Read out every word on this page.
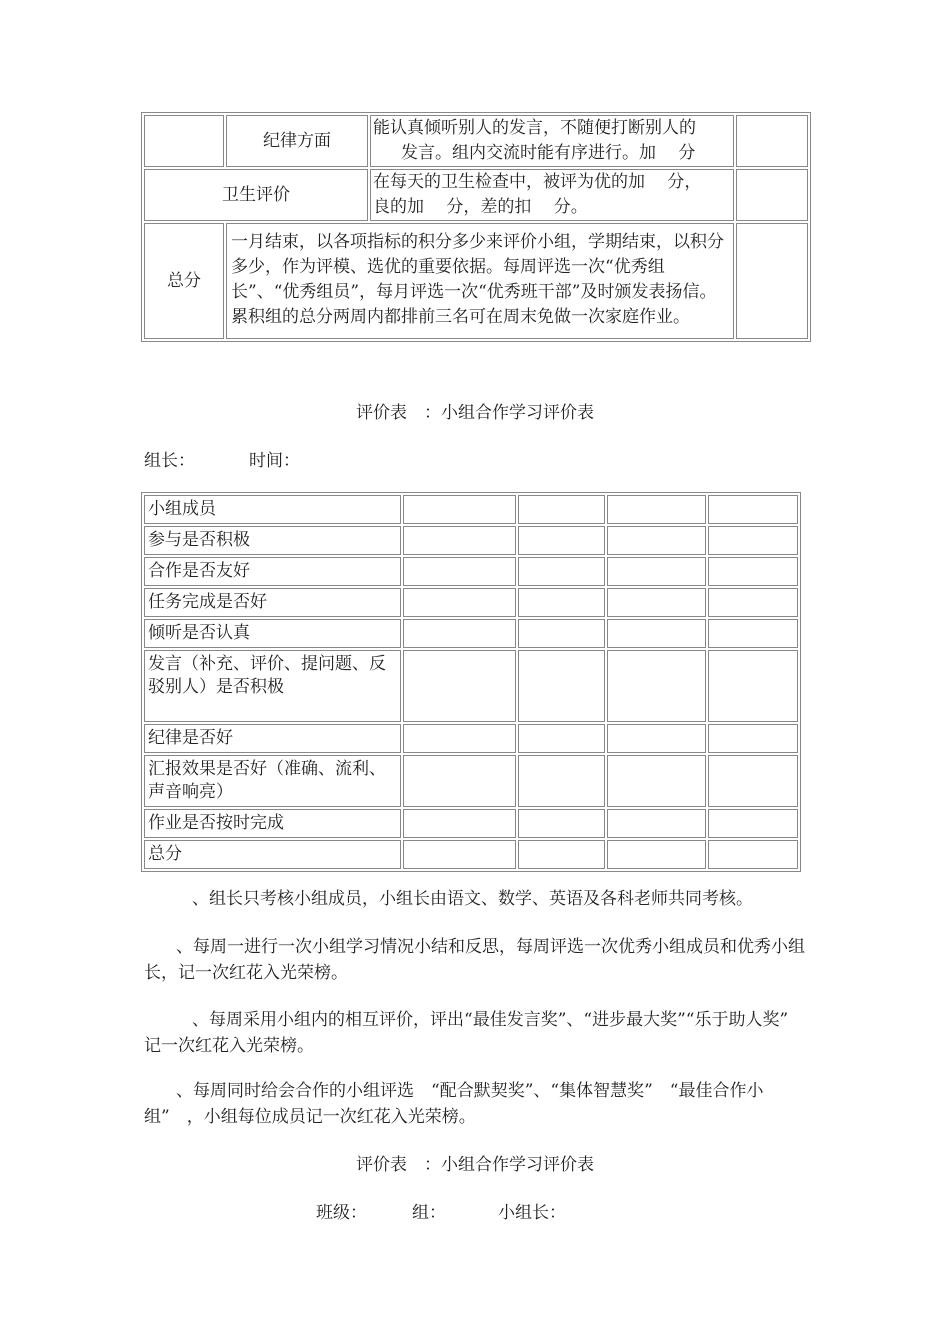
	纪律方面	能认真倾听别人的发言，不随便打断别人的
发言。组内交流时能有序进行。加　 分	

卫生评价		在每天的卫生检查中，被评为优的加　 分，
良的加　 分，差的扣　 分。	

总分	一月结束，以各项指标的积分多少来评价小组，学期结束，以积分多少，作为评模、选优的重要依据。每周评选一次“优秀组长”、“优秀组员”，每月评选一次“优秀班干部”及时颁发表扬信。累积组的总分两周内都排前三名可在周末免做一次家庭作业。		
评价表　：小组合作学习评价表
组长：	时间：
小组成员				
参与是否积极				
合作是否友好				
任务完成是否好				
倾听是否认真				
发言（补充、评价、提问题、反驳别人）是否积极				
纪律是否好				
汇报效果是否好（准确、流利、声音响亮）				
作业是否按时完成				
总分				
、组长只考核小组成员，小组长由语文、数学、英语及各科老师共同考核。
、每周一进行一次小组学习情况小结和反思，每周评选一次优秀小组成员和优秀小组长，记一次红花入光荣榜。
、每周采用小组内的相互评价，评出“最佳发言奖”、“进步最大奖”“乐于助人奖”　记一次红花入光荣榜。
、每周同时给会合作的小组评选　“配合默契奖”、“集体智慧奖”　“最佳合作小组”　，小组每位成员记一次红花入光荣榜。
评价表　：小组合作学习评价表
班级：	组：	小组长：
